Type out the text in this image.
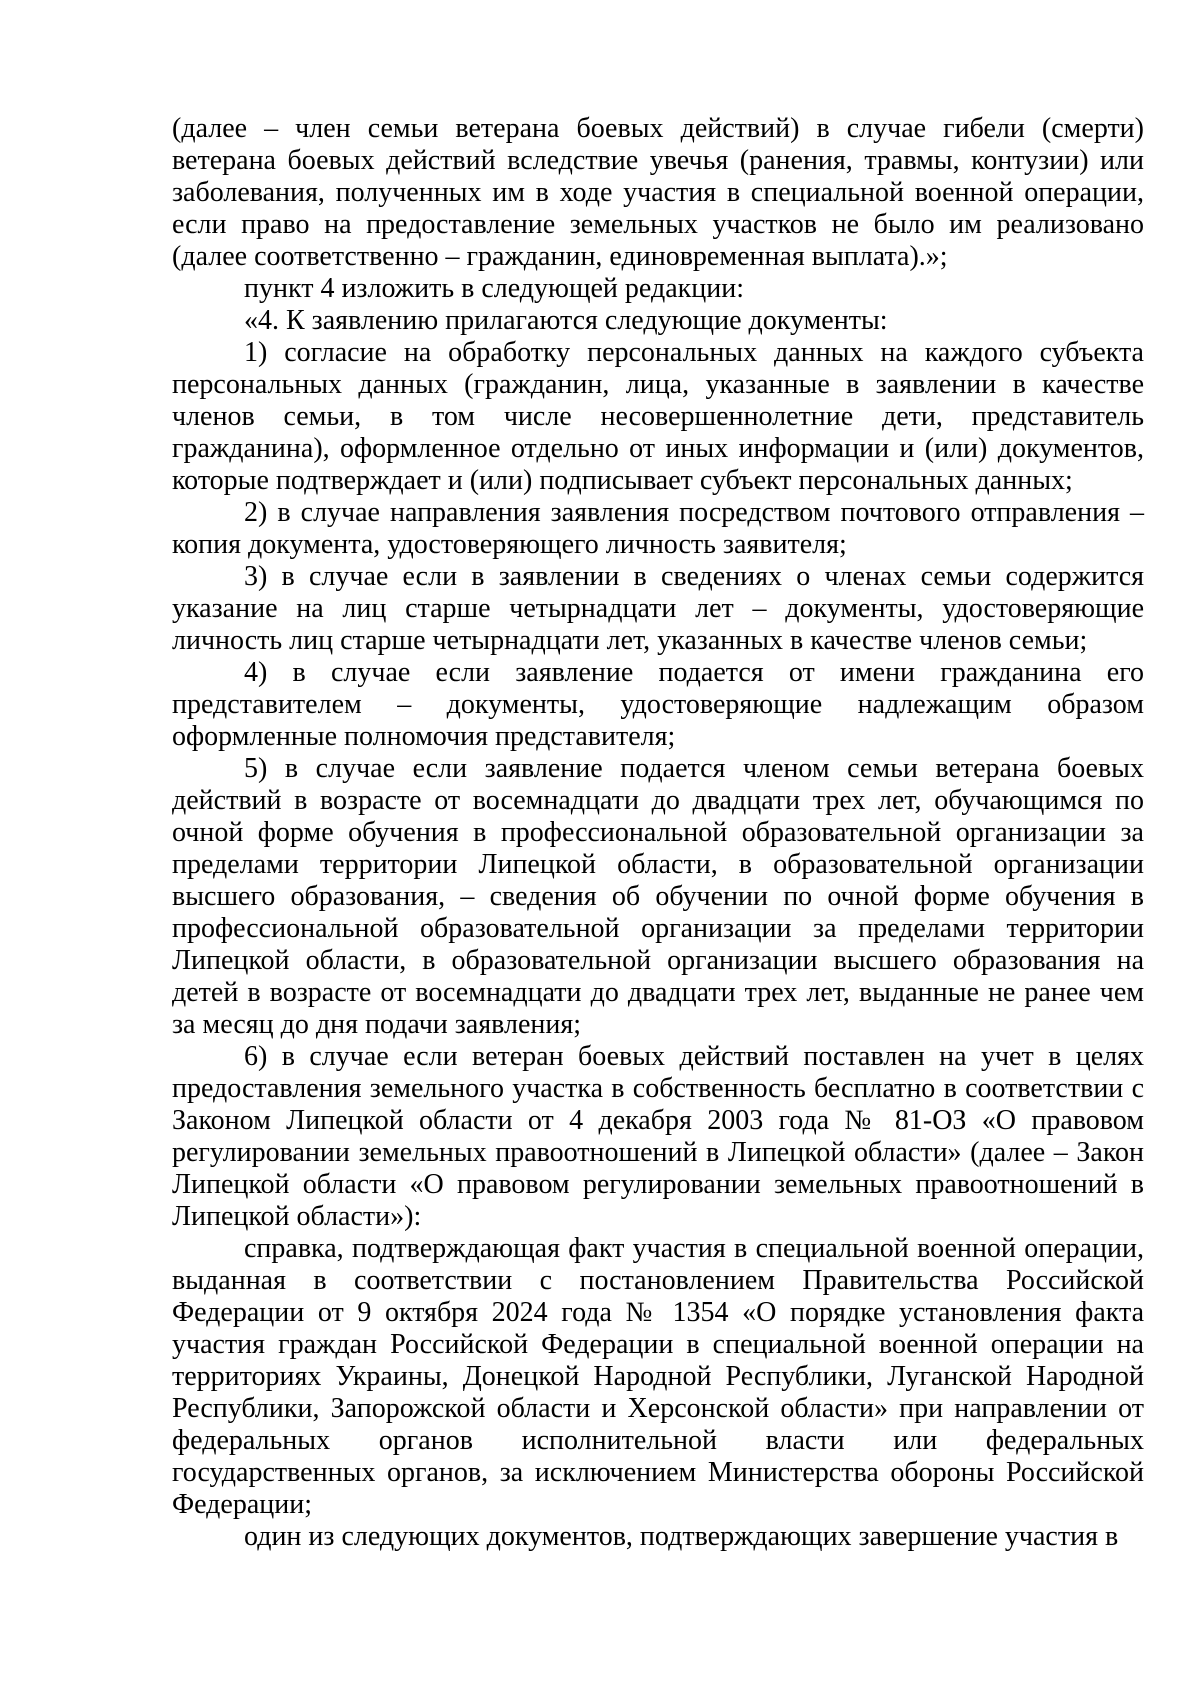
(далее – член семьи ветерана боевых действий) в случае гибели (смерти) ветерана боевых действий вследствие увечья (ранения, травмы, контузии) или заболевания, полученных им в ходе участия в специальной военной операции, если право на предоставление земельных участков не было им реализовано (далее соответственно – гражданин, единовременная выплата).»;

пункт 4 изложить в следующей редакции:

«4. К заявлению прилагаются следующие документы:

1) согласие на обработку персональных данных на каждого субъекта персональных данных (гражданин, лица, указанные в заявлении в качестве членов семьи, в том числе несовершеннолетние дети, представитель гражданина), оформленное отдельно от иных информации и (или) документов, которые подтверждает и (или) подписывает субъект персональных данных;

2) в случае направления заявления посредством почтового отправления – копия документа, удостоверяющего личность заявителя;

3) в случае если в заявлении в сведениях о членах семьи содержится указание на лиц старше четырнадцати лет – документы, удостоверяющие личность лиц старше четырнадцати лет, указанных в качестве членов семьи;

4) в случае если заявление подается от имени гражданина его представителем – документы, удостоверяющие надлежащим образом оформленные полномочия представителя;

5) в случае если заявление подается членом семьи ветерана боевых действий в возрасте от восемнадцати до двадцати трех лет, обучающимся по очной форме обучения в профессиональной образовательной организации за пределами территории Липецкой области, в образовательной организации высшего образования, – сведения об обучении по очной форме обучения в профессиональной образовательной организации за пределами территории Липецкой области, в образовательной организации высшего образования на детей в возрасте от восемнадцати до двадцати трех лет, выданные не ранее чем за месяц до дня подачи заявления;

6) в случае если ветеран боевых действий поставлен на учет в целях предоставления земельного участка в собственность бесплатно в соответствии с Законом Липецкой области от 4 декабря 2003 года № 81-ОЗ «О правовом регулировании земельных правоотношений в Липецкой области» (далее – Закон Липецкой области «О правовом регулировании земельных правоотношений в Липецкой области»):

справка, подтверждающая факт участия в специальной военной операции, выданная в соответствии с постановлением Правительства Российской Федерации от 9 октября 2024 года № 1354 «О порядке установления факта участия граждан Российской Федерации в специальной военной операции на территориях Украины, Донецкой Народной Республики, Луганской Народной Республики, Запорожской области и Херсонской области» при направлении от федеральных органов исполнительной власти или федеральных государственных органов, за исключением Министерства обороны Российской Федерации;

один из следующих документов, подтверждающих завершение участия в
